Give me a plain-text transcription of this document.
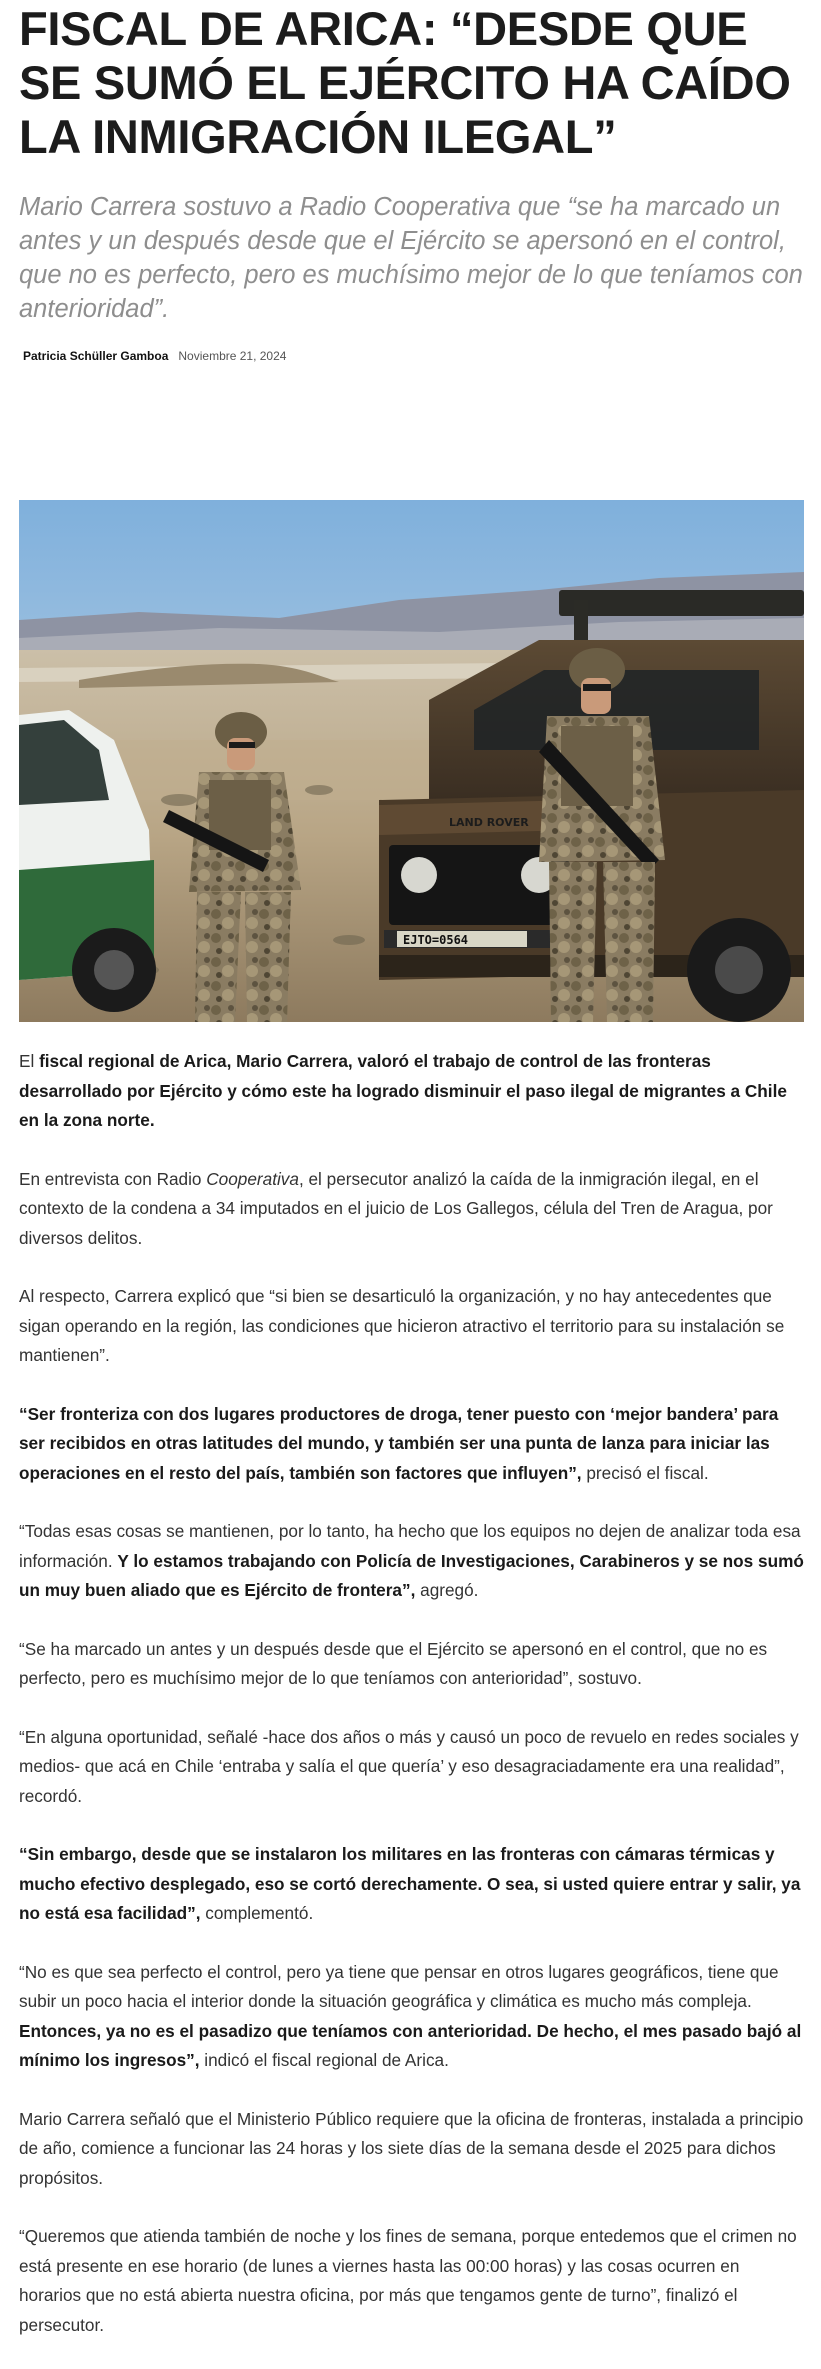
FISCAL DE ARICA: “DESDE QUE SE SUMÓ EL EJÉRCITO HA CAÍDO LA INMIGRACIÓN ILEGAL”

Mario Carrera sostuvo a Radio Cooperativa que “se ha marcado un antes y un después desde que el Ejército se apersonó en el control, que no es perfecto, pero es muchísimo mejor de lo que teníamos con anterioridad”.

Patricia Schüller Gamboa Noviembre 21, 2024
LAND ROVER
EJTO=0564

El fiscal regional de Arica, Mario Carrera, valoró el trabajo de control de las fronteras desarrollado por Ejército y cómo este ha logrado disminuir el paso ilegal de migrantes a Chile en la zona norte.

En entrevista con Radio Cooperativa, el persecutor analizó la caída de la inmigración ilegal, en el contexto de la condena a 34 imputados en el juicio de Los Gallegos, célula del Tren de Aragua, por diversos delitos.

Al respecto, Carrera explicó que “si bien se desarticuló la organización, y no hay antecedentes que sigan operando en la región, las condiciones que hicieron atractivo el territorio para su instalación se mantienen”.

“Ser fronteriza con dos lugares productores de droga, tener puesto con ‘mejor bandera’ para ser recibidos en otras latitudes del mundo, y también ser una punta de lanza para iniciar las operaciones en el resto del país, también son factores que influyen”, precisó el fiscal.

“Todas esas cosas se mantienen, por lo tanto, ha hecho que los equipos no dejen de analizar toda esa información. Y lo estamos trabajando con Policía de Investigaciones, Carabineros y se nos sumó un muy buen aliado que es Ejército de frontera”, agregó.

“Se ha marcado un antes y un después desde que el Ejército se apersonó en el control, que no es perfecto, pero es muchísimo mejor de lo que teníamos con anterioridad”, sostuvo.

“En alguna oportunidad, señalé -hace dos años o más y causó un poco de revuelo en redes sociales y medios- que acá en Chile ‘entraba y salía el que quería’ y eso desagraciadamente era una realidad”, recordó.

“Sin embargo, desde que se instalaron los militares en las fronteras con cámaras térmicas y mucho efectivo desplegado, eso se cortó derechamente. O sea, si usted quiere entrar y salir, ya no está esa facilidad”, complementó.

“No es que sea perfecto el control, pero ya tiene que pensar en otros lugares geográficos, tiene que subir un poco hacia el interior donde la situación geográfica y climática es mucho más compleja. Entonces, ya no es el pasadizo que teníamos con anterioridad. De hecho, el mes pasado bajó al mínimo los ingresos”, indicó el fiscal regional de Arica.

Mario Carrera señaló que el Ministerio Público requiere que la oficina de fronteras, instalada a principio de año, comience a funcionar las 24 horas y los siete días de la semana desde el 2025 para dichos propósitos.

“Queremos que atienda también de noche y los fines de semana, porque entedemos que el crimen no está presente en ese horario (de lunes a viernes hasta las 00:00 horas) y las cosas ocurren en horarios que no está abierta nuestra oficina, por más que tengamos gente de turno”, finalizó el persecutor.
